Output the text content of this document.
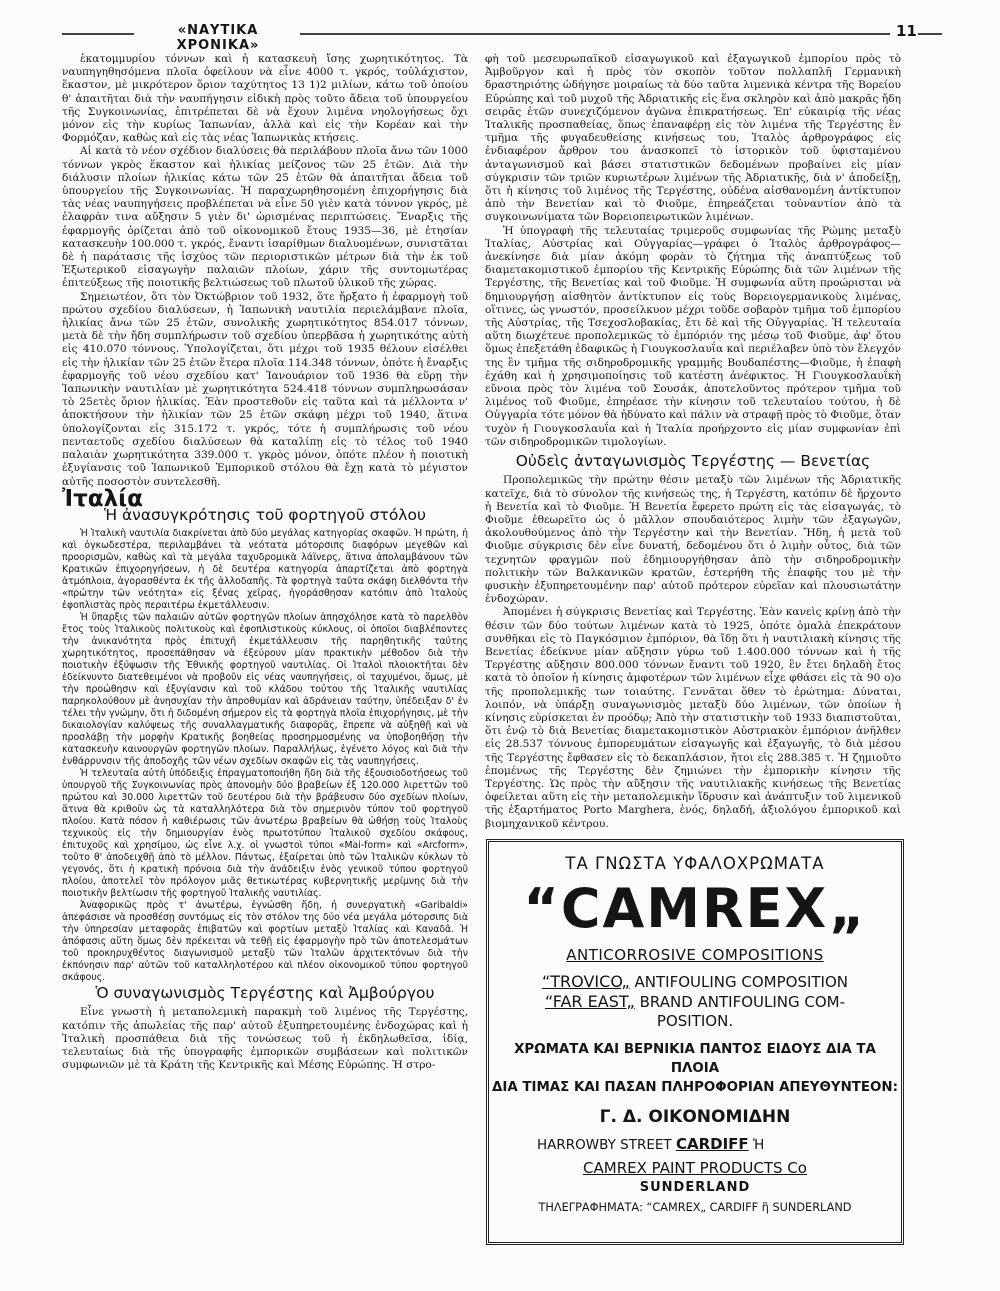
«ΝΑΥΤΙΚΑ ΧΡΟΝΙΚΑ»
11

ἑκατομμυρίου τόννων καὶ ἡ κατασκευὴ ἴσης χωρητικότητος. Τὰ ναυπηγηθησόμενα πλοῖα ὀφείλουν νὰ εἶνε 4000 τ. γκρός, τοὐλάχιστον, ἕκαστον, μὲ μικρότερον ὅριον ταχύτητος 13 1)2 μιλίων, κάτω τοῦ ὁποίου θ' ἀπαιτῆται διὰ τὴν ναυπήγησιν εἰδικὴ πρὸς τοῦτο ἄδεια τοῦ ὑπουργείου τῆς Συγκοινωνίας, ἐπιτρέπεται δὲ νὰ ἔχουν λιμένα νηολογήσεως ὄχι μόνον εἰς τὴν κυρίως Ἰαπωνίαν, ἀλλὰ καὶ εἰς τὴν Κορέαν καὶ τὴν Φορμόζαν, καθὼς καὶ εἰς τὰς νέας Ἰαπωνικὰς κτήσεις.

Αἱ κατὰ τὸ νέον σχέδιον διαλύσεις θὰ περιλάβουν πλοῖα ἄνω τῶν 1000 τόννων γκρὸς ἕκαστον καὶ ἡλικίας μείζονος τῶν 25 ἐτῶν. Διὰ τὴν διάλυσιν πλοίων ἡλικίας κάτω τῶν 25 ἐτῶν θὰ ἀπαιτῆται ἄδεια τοῦ ὑπουργείου τῆς Συγκοινωνίας. Ἡ παραχωρηθησομένη ἐπιχορήγησις διὰ τὰς νέας ναυπηγήσεις προβλέπεται νὰ εἶνε 50 γιὲν κατὰ τόννον γκρός, μὲ ἐλαφρὰν τινα αὔξησιν 5 γιὲν δι' ὡρισμένας περιπτώσεις. Ἔναρξις τῆς ἐφαρμογῆς ὁρίζεται ἀπὸ τοῦ οἰκονομικοῦ ἔτους 1935—36, μὲ ἐτησίαν κατασκευὴν 100.000 τ. γκρός, ἔναντι ἰσαρίθμων διαλυομένων, συνιστᾶται δὲ ἡ παράτασις τῆς ἰσχύος τῶν περιοριστικῶν μέτρων διὰ τὴν ἐκ τοῦ Ἐξωτερικοῦ εἰσαγωγὴν παλαιῶν πλοίων, χάριν τῆς συντομωτέρας ἐπιτεύξεως τῆς ποιοτικῆς βελτιώσεως τοῦ πλωτοῦ ὑλικοῦ τῆς χώρας.

Σημειωτέον, ὅτι τὸν Ὀκτώβριον τοῦ 1932, ὅτε ἤρξατο ἡ ἐφαρμογὴ τοῦ πρώτου σχεδίου διαλύσεων, ἡ Ἰαπωνικὴ ναυτιλία περιελάμβανε πλοῖα, ἡλικίας ἄνω τῶν 25 ἐτῶν, συνολικῆς χωρητικότητος 854.017 τόννων, μετὰ δὲ τὴν ἤδη συμπλήρωσιν τοῦ σχεδίου ὑπερβᾶσα ἡ χωρητικότης αὐτὴ εἰς 410.070 τόννους. Ὑπολογίζεται, ὅτι μέχρι τοῦ 1935 θέλουν εἰσέλθει εἰς τὴν ἡλικίαν τῶν 25 ἐτῶν ἕτερα πλοῖα 114.348 τόννων, ὁπότε ἡ ἔναρξις ἐφαρμογῆς τοῦ νέου σχεδίου κατ' Ἰανουάριον τοῦ 1936 θὰ εὕρῃ τὴν Ἰαπωνικὴν ναυτιλίαν μὲ χωρητικότητα 524.418 τόννων συμπληρωσάσαν τὸ 25ετὲς ὅριον ἡλικίας. Ἐὰν προστεθοῦν εἰς ταῦτα καὶ τὰ μέλλοντα ν' ἀποκτήσουν τὴν ἡλικίαν τῶν 25 ἐτῶν σκάφη μέχρι τοῦ 1940, ἅτινα ὑπολογίζονται εἰς 315.172 τ. γκρός, τότε ἡ συμπλήρωσις τοῦ νέου πενταετοῦς σχεδίου διαλύσεων θὰ καταλίπῃ εἰς τὸ τέλος τοῦ 1940 παλαιὰν χωρητικότητα 339.000 τ. γκρὸς μόνον, ὁπότε πλέον ἡ ποιοτικὴ ἐξυγίανσις τοῦ Ἰαπωνικοῦ Ἐμπορικοῦ στόλου θὰ ἔχῃ κατὰ τὸ μέγιστον αὐτῆς ποσοστὸν συντελεσθῆ.

Ἰταλία
Ἡ ἀνασυγκρότησις τοῦ φορτηγοῦ στόλου

Ἡ Ἰταλικὴ ναυτιλία διακρίνεται ἀπὸ δύο μεγάλας κατηγορίας σκαφῶν. Ἡ πρώτη, ἡ καὶ ὀγκωδεστέρα, περιλαμβάνει τὰ νεότατα μότορσιπς διαφόρων μεγεθῶν καὶ προορισμῶν, καθὼς καὶ τὰ μεγάλα ταχυδρομικὰ λάϊνερς, ἅτινα ἀπολαμβάνουν τῶν Κρατικῶν ἐπιχορηγήσεων, ἡ δὲ δευτέρα κατηγορία ἀπαρτίζεται ἀπὸ φορτηγὰ ἀτμόπλοια, ἀγορασθέντα ἐκ τῆς ἀλλοδαπῆς. Τὰ φορτηγὰ ταῦτα σκάφη διελθόντα τὴν «πρώτην τῶν νεότητα» εἰς ξένας χεῖρας, ἠγοράσθησαν κατόπιν ἀπὸ Ἰταλοὺς ἐφοπλιστὰς πρὸς περαιτέρω ἐκμετάλλευσιν.

Ἡ ὕπαρξις τῶν παλαιῶν αὐτῶν φορτηγῶν πλοίων ἀπησχόλησε κατὰ τὸ παρελθὸν ἔτος τοὺς Ἰταλικοὺς πολιτικοὺς καὶ ἐφοπλιστικοὺς κύκλους, οἱ ὁποῖοι διαβλέποντες τὴν ἀνικανότητα πρὸς ἐπιτυχῆ ἐκμετάλλευσιν τῆς παρηθητικῆς ταύτης χωρητικότητος, προσεπάθησαν νὰ ἐξεύρουν μίαν πρακτικὴν μέθοδον διὰ τὴν ποιοτικὴν ἐξύψωσιν τῆς Ἐθνικῆς φορτηγοῦ ναυτιλίας. Οἱ Ἰταλοὶ πλοιοκτῆται δὲν ἐδείκνυντο διατεθειμένοι νὰ προβοῦν εἰς νέας ναυπηγήσεις, οἱ ταχυμένοι, ὅμως, μὲ τὴν προώθησιν καὶ ἐξυγίανσιν καὶ τοῦ κλάδου τούτου τῆς Ἰταλικῆς ναυτιλίας παρηκολούθουν μὲ ἀνησυχίαν τὴν ἀπροθυμίαν καὶ ἀδράνειαν ταύτην, ὑπέδειξαν δ' ἐν τέλει τὴν γνώμην, ὅτι ἡ διδομένη σήμερον εἰς τὰ φορτηγὰ πλοῖα ἐπιχορήγησις, μὲ τὴν δικαιολογίαν καλύψεως τῆς συναλλαγματικῆς διαφορᾶς, ἔπρεπε νὰ αὐξηθῇ καὶ νὰ προσλάβῃ τὴν μορφὴν Κρατικῆς βοηθείας προσηρμοσμένης να ὑποβοηθήσῃ τὴν κατασκευὴν καινουργῶν φορτηγῶν πλοίων. Παραλλήλως, ἐγένετο λόγος καὶ διὰ τὴν ἐνθάρρυνσιν τῆς ἀποδοχῆς τῶν νέων σχεδίων σκαφῶν εἰς τὰς ναυπηγήσεις.

Ἡ τελευταία αὐτὴ ὑπόδειξις ἐπραγματοποιήθη ἤδη διὰ τῆς ἐξουσιοδοτήσεως τοῦ ὑπουργοῦ τῆς Συγκοινωνίας πρὸς ἀπονομὴν δύο βραβείων ἐξ 120.000 λιρεττῶν τοῦ πρώτου καὶ 30.000 λιρεττῶν τοῦ δευτέρου διὰ τὴν βράβευσιν δύο σχεδίων πλοίων, ἅτινα θὰ κριθοῦν ὡς τὰ καταλληλότερα διὰ τὸν σημερινὸν τύπον τοῦ φορτηγοῦ πλοίου. Κατὰ πόσον ἡ καθιέρωσις τῶν ἀνωτέρω βραβείων θὰ ὠθήσῃ τοὺς Ἰταλοὺς τεχνικοὺς εἰς τὴν δημιουργίαν ἑνὸς πρωτοτύπου Ἰταλικοῦ σχεδίου σκάφους, ἐπιτυχοῦς καὶ χρησίμου, ὡς εἶνε λ.χ. οἱ γνωστοὶ τύποι «Mai-form» καὶ «Arcform», τοῦτο θ' ἀποδειχθῇ ἀπὸ τὸ μέλλον. Πάντως, ἐξαίρεται ὑπὸ τῶν Ἰταλικῶν κύκλων τὸ γεγονός, ὅτι ἡ κρατικὴ πρόνοια διὰ τὴν ἀνάδειξιν ἑνὸς γενικοῦ τύπου φορτηγοῦ πλοίου, ἀποτελεῖ τὸν πρόλογον μιᾶς θετικωτέρας κυβερνητικῆς μερίμνης διὰ τὴν ποιοτικὴν βελτίωσιν τῆς φορτηγοῦ Ἰταλικῆς ναυτιλίας.

Ἀναφορικῶς πρὸς τ' ἀνωτέρω, ἐγνώσθη ἤδη, ἡ συνεργατικὴ «Garibaldi» ἀπεφάσισε νὰ προσθέσῃ συντόμως εἰς τὸν στόλον της δύο νέα μεγάλα μότορσιπς διὰ τὴν ὑπηρεσίαν μεταφορᾶς ἐπιβατῶν καὶ φορτίων μεταξὺ Ἰταλίας καὶ Καναδᾶ. Ἡ ἀπόφασις αὕτη ὅμως δὲν πρέκειται νὰ τεθῇ εἰς ἐφαρμογὴν πρὸ τῶν ἀποτελεσμάτων τοῦ προκηρυχθέντος διαγωνισμοῦ μεταξὺ τῶν Ἰταλῶν ἀρχιτεκτόνων διὰ τὴν ἐκπόνησιν παρ' αὐτῶν τοῦ καταλληλοτέρου καὶ πλέον οἰκονομικοῦ τύπου φορτηγοῦ σκάφους.

Ὁ συναγωνισμὸς Τεργέστης καὶ Ἀμβούργου

Εἶνε γνωστὴ ἡ μεταπολεμικὴ παρακμὴ τοῦ λιμένος τῆς Τεργέστης, κατόπιν τῆς ἀπωλείας τῆς παρ' αὐτοῦ ἐξυπηρετουμένης ἐνδοχώρας καὶ ἡ Ἰταλικὴ προσπάθεια διὰ τῆς τονώσεως τοῦ ἡ ἐκδηλωθεῖσα, ἰδίᾳ, τελευταίως διὰ τῆς ὑπογραφῆς ἐμπορικῶν συμβάσεων καὶ πολιτικῶν συμφωνιῶν μὲ τὰ Κράτη τῆς Κεντρικῆς καὶ Μέσης Εὐρώπης. Ἡ στρο-

φὴ τοῦ μεσευρωπαϊκοῦ εἰσαγωγικοῦ καὶ ἐξαγωγικοῦ ἐμπορίου πρὸς τὸ Ἀμβοῦργον καὶ ἡ πρὸς τὸν σκοπὸν τοῦτον πολλαπλῆ Γερμανικὴ δραστηριότης ὡδήγησε μοιραίως τὰ δύο ταῦτα λιμενικὰ κέντρα τῆς Βορείου Εὐρώπης καὶ τοῦ μυχοῦ τῆς Ἀδριατικῆς εἰς ἕνα σκληρὸν καὶ ἀπὸ μακρᾶς ἤδη σειρᾶς ἐτῶν συνεχιζόμενον ἀγῶνα ἐπικρατήσεως. Ἐπ' εὐκαιρίᾳ τῆς νέας Ἰταλικῆς προσπαθείας, ὅπως ἐπαναφέρῃ εἰς τὸν λιμένα τῆς Τεργέστης ἓν τμῆμα τῆς φυγαδευθείσης κινήσεως του, Ἰταλὸς ἀρθρογράφος εἰς ἐνδιαφέρον ἄρθρον του ἀνασκοπεῖ τὸ ἱστορικὸν τοῦ ὑφισταμένου ἀνταγωνισμοῦ καὶ βάσει στατιστικῶν δεδομένων προβαίνει εἰς μίαν σύγκρισιν τῶν τριῶν κυριωτέρων λιμένων τῆς Ἀδριατικῆς, διὰ ν' ἀποδείξῃ, ὅτι ἡ κίνησις τοῦ λιμένος τῆς Τεργέστης, οὐδένα αἰσθανομένη ἀντίκτυπον ἀπὸ τὴν Βενετίαν καὶ τὸ Φιοῦμε, ἐπηρεάζεται τοὐναντίον ἀπὸ τὰ συγκοινωνίματα τῶν Βορειοπειρωτικῶν λιμένων.

Ἡ ὑπογραφὴ τῆς τελευταίας τριμεροῦς συμφωνίας τῆς Ρώμης μεταξὺ Ἰταλίας, Αὐστρίας καὶ Οὐγγαρίας—γράφει ὁ Ἰταλὸς ἀρθρογράφος—ἀνεκίνησε διὰ μίαν ἀκόμη φορὰν τὸ ζήτημα τῆς ἀναπτύξεως τοῦ διαμετακομιστικοῦ ἐμπορίου τῆς Κεντρικῆς Εὐρώπης διὰ τῶν λιμένων τῆς Τεργέστης, τῆς Βενετίας καὶ τοῦ Φιοῦμε. Ἡ συμφωνία αὕτη προώρισται νὰ δημιουργήσῃ αἰσθητὸν ἀντίκτυπον εἰς τοὺς Βορειογερμανικοὺς λιμένας, οἵτινες, ὡς γνωστόν, προσείλκυον μέχρι τοῦδε σοβαρὸν τμῆμα τοῦ ἐμπορίου τῆς Αὐστρίας, τῆς Τσεχοσλοβακίας, ἔτι δὲ καὶ τῆς Οὐγγαρίας. Ἡ τελευταία αὕτη διωχέτευε προπολεμικῶς τὸ ἐμπόριόν της μέσῳ τοῦ Φιοῦμε, ἀφ' ὅτου ὅμως ἐπεξετάθη ἐδαφικῶς ἡ Γιουγκοσλαυΐα καὶ περιέλαβεν ὑπὸ τὸν ἔλεγχόν της ἓν τμῆμα τῆς σιδηροδρομικῆς γραμμῆς Βουδαπέστης—Φιοῦμε, ἡ ἐπαφὴ ἐχάθη καὶ ἡ χρησιμοποίησις τοῦ κατέστη ἀνέφικτος. Ἡ Γιουγκοσλαυΐκὴ εὔνοια πρὸς τὸν λιμένα τοῦ Σουσάκ, ἀποτελοῦντος πρότερον τμῆμα τοῦ λιμένος τοῦ Φιοῦμε, ἐπηρέασε τὴν κίνησιν τοῦ τελευταίου τούτου, ἡ δὲ Οὐγγαρία τότε μόνον θὰ ἠδύνατο καὶ πάλιν νὰ στραφῇ πρὸς τὸ Φιοῦμε, ὅταν τυχὸν ἡ Γιουγκοσλαυΐα καὶ ἡ Ἰταλία προήρχοντο εἰς μίαν συμφωνίαν ἐπὶ τῶν σιδηροδρομικῶν τιμολογίων.

Οὐδεὶς ἀνταγωνισμὸς Τεργέστης — Βενετίας

Προπολεμικῶς τὴν πρώτην θέσιν μεταξὺ τῶν λιμένων τῆς Ἀδριατικῆς κατεῖχε, διὰ τὸ σύνολον τῆς κινήσεώς της, ἡ Τεργέστη, κατόπιν δὲ ἤρχοντο ἡ Βενετία καὶ τὸ Φιοῦμε. Ἡ Βενετία ἔφερετο πρώτη εἰς τὰς εἰσαγωγάς, τὸ Φιοῦμε ἐθεωρεῖτο ὡς ὁ μᾶλλον σπουδαιότερος λιμὴν τῶν ἐξαγωγῶν, ἀκολουθούμενος ἀπὸ τὴν Τεργέστην καὶ τὴν Βενετίαν. Ἤδη, ἡ μετὰ τοῦ Φιοῦμε σύγκρισις δὲν εἶνε δυνατή, δεδομένου ὅτι ὁ λιμὴν οὗτος, διὰ τῶν τεχνητῶν φραγμῶν ποὺ ἐδημιουργήθησαν ἀπὸ τὴν σιδηροδρομικὴν πολιτικὴν τῶν Βαλκανικῶν κρατῶν, ἐστερήθη τῆς ἐπαφῆς του μὲ τὴν φυσικὴν ἐξυπηρετουμένην παρ' αὐτοῦ πρότερον εὐρεῖαν καὶ πλουσιωτάτην ἐνδοχώραν.

Ἀπομένει ἡ σύγκρισις Βενετίας καὶ Τεργέστης. Ἐὰν κανεὶς κρίνῃ ἀπὸ τὴν θέσιν τῶν δύο τούτων λιμένων κατὰ τὸ 1925, ὁπότε ὁμαλὰ ἐπεκράτουν συνθῆκαι εἰς τὸ Παγκόσμιον ἐμπόριον, θὰ ἴδῃ ὅτι ἡ ναυτιλιακὴ κίνησις τῆς Βενετίας ἐδείκνυε μίαν αὔξησιν γύρω τοῦ 1.400.000 τόννων καὶ ἡ τῆς Τεργέστης αὔξησιν 800.000 τόννων ἔναντι τοῦ 1920, ἓν ἔτει δηλαδὴ ἔτος κατὰ τὸ ὁποῖον ἡ κίνησις ἀμφοτέρων τῶν λιμένων εἶχε φθάσει εἰς τὰ 90 ο)ο τῆς προπολεμικῆς των τοιαύτης. Γεννᾶται ὅθεν τὸ ἐρώτημα: Δύναται, λοιπόν, νὰ ὑπάρξῃ συναγωνισμὸς μεταξὺ δύο λιμένων, τῶν ὁποίων ἡ κίνησις εὑρίσκεται ἐν προόδῳ; Ἀπὸ τὴν στατιστικὴν τοῦ 1933 διαπιστοῦται, ὅτι ἐνῷ τὸ διὰ Βενετίας διαμετακομιστικὸν Αὐστριακὸν ἐμπόριον ἀνῆλθεν εἰς 28.537 τόννους ἐμπορευμάτων εἰσαγωγῆς καὶ ἐξαγωγῆς, τὸ διὰ μέσου τῆς Τεργέστης ἔφθασεν εἰς τὸ δεκαπλάσιον, ἤτοι εἰς 288.385 τ. Ἡ ζημιοῦτο ἐπομένως τῆς Τεργέστης δὲν ζημιώνει τὴν ἐμπορικὴν κίνησιν τῆς Τεργέστης. Ὡς πρὸς τὴν αὔξησιν τῆς ναυτιλιακῆς κινήσεως τῆς Βενετίας ὀφείλεται αὕτη εἰς τὴν μεταπολεμικὴν ἵδρυσιν καὶ ἀνάπτυξιν τοῦ λιμενικοῦ τῆς ἐξαρτήματος Porto Marghera, ἑνός, δηλαδή, ἀξιολόγου ἐμπορικοῦ καὶ βιομηχανικοῦ κέντρου.

ΤΑ ΓΝΩΣΤΑ ΥΦΑΛΟΧΡΩΜΑΤΑ
“CAMREX„
ANTICORROSIVE COMPOSITIONS
“TROVICO„ ANTIFOULING COMPOSITION
“FAR EAST„ BRAND ANTIFOULING COM-
POSITION.
ΧΡΩΜΑΤΑ ΚΑΙ ΒΕΡΝΙΚΙΑ ΠΑΝΤΟΣ ΕΙΔΟΥΣ ΔΙΑ ΤΑ ΠΛΟΙΑ
ΔΙΑ ΤΙΜΑΣ ΚΑΙ ΠΑΣΑΝ ΠΛΗΡΟΦΟΡΙΑΝ ΑΠΕΥΘΥΝΤΕΟΝ:
Γ. Δ. ΟΙΚΟΝΟΜΙΔΗΝ
HARROWBY STREET CARDIFF Ἡ
CAMREX PAINT PRODUCTS Co
SUNDERLAND
ΤΗΛΕΓΡΑΦΗΜΑΤΑ: “CAMREX„ CARDIFF ἢ SUNDERLAND
